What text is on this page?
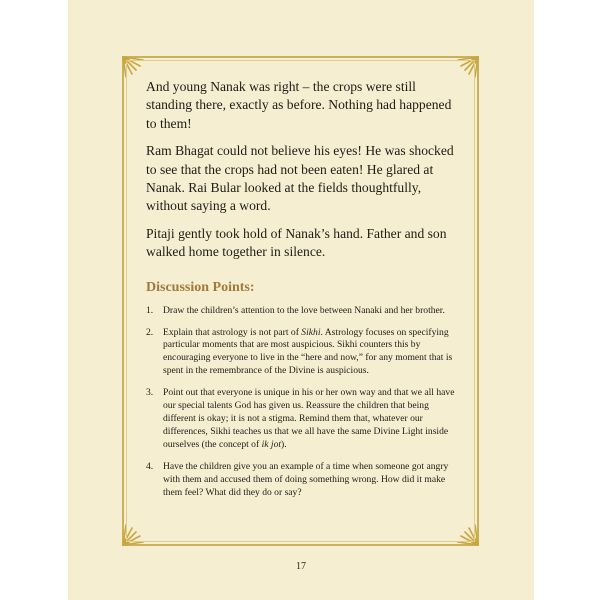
And young Nanak was right – the crops were still standing there, exactly as before. Nothing had happened to them!

Ram Bhagat could not believe his eyes! He was shocked to see that the crops had not been eaten! He glared at Nanak. Rai Bular looked at the fields thoughtfully, without saying a word.

Pitaji gently took hold of Nanak’s hand. Father and son walked home together in silence.

Discussion Points:
1.	Draw the children’s attention to the love between Nanaki and her brother.
2.	Explain that astrology is not part of Sikhi. Astrology focuses on specifying particular moments that are most auspicious. Sikhi counters this by encouraging everyone to live in the “here and now,” for any moment that is spent in the remembrance of the Divine is auspicious.
3.	Point out that everyone is unique in his or her own way and that we all have our special talents God has given us. Reassure the children that being different is okay; it is not a stigma. Remind them that, whatever our differences, Sikhi teaches us that we all have the same Divine Light inside ourselves (the concept of ik jot).
4.	Have the children give you an example of a time when someone got angry with them and accused them of doing something wrong. How did it make them feel? What did they do or say?
17
